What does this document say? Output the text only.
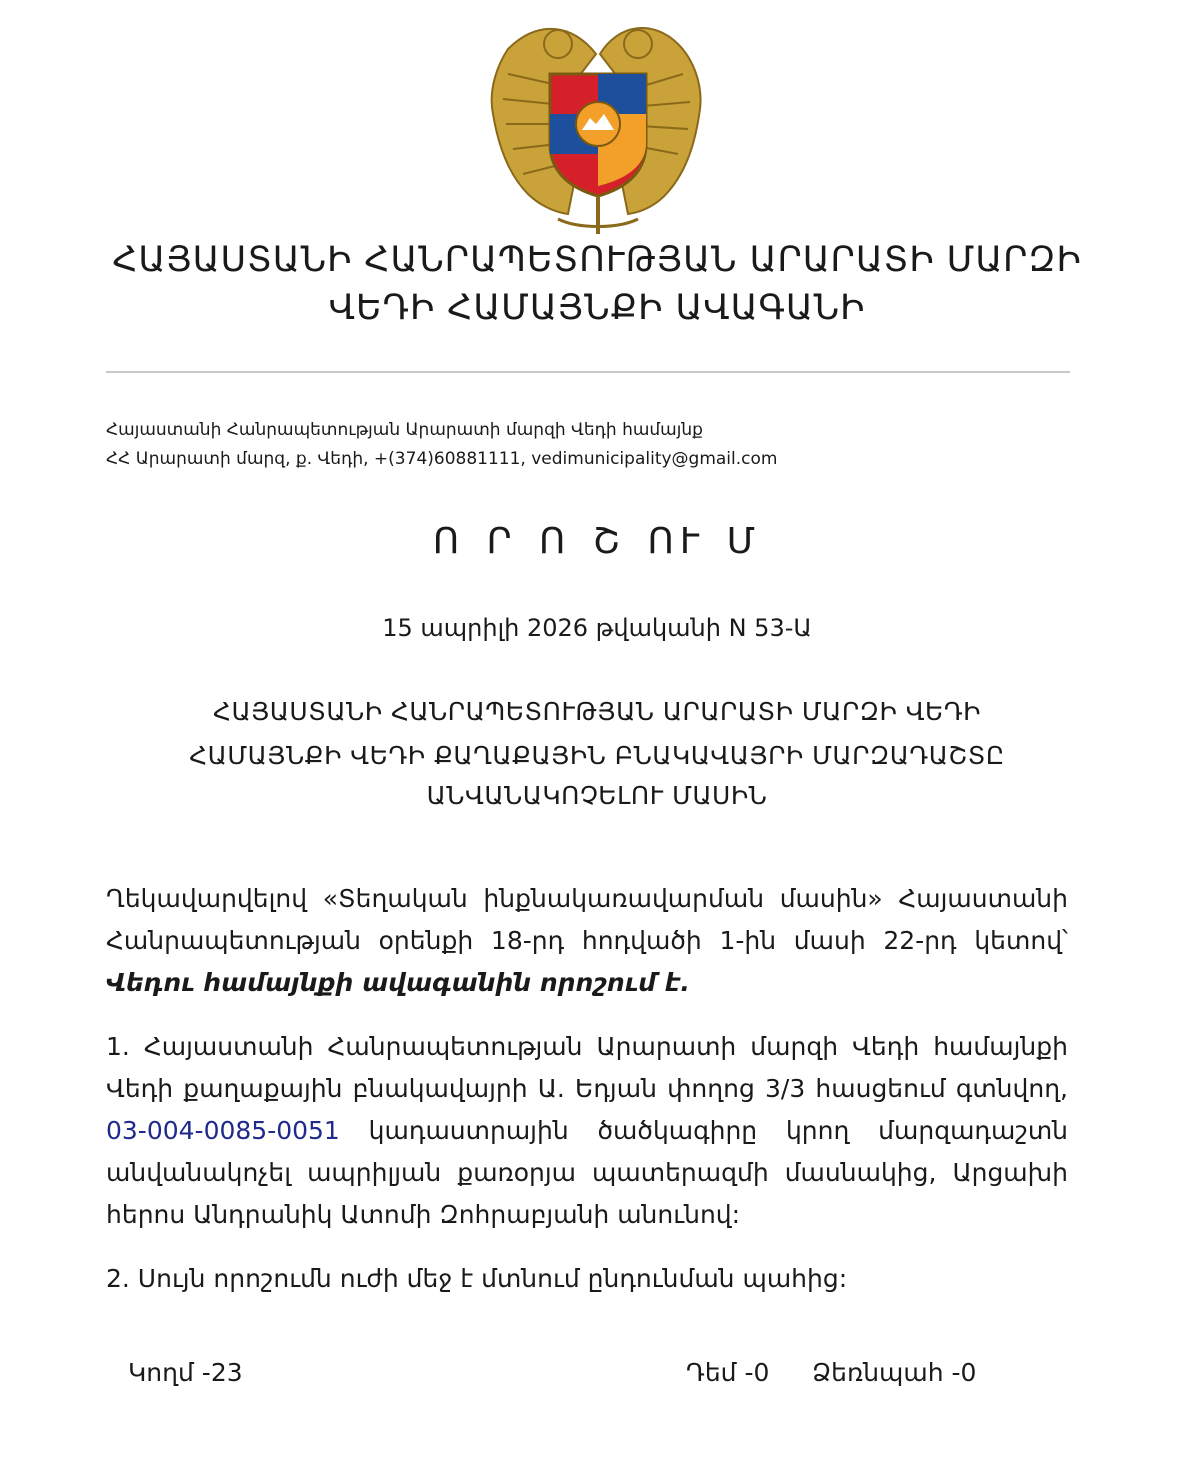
ՀԱՅԱՍՏԱՆԻ ՀԱՆՐԱՊԵՏՈՒԹՅԱՆ ԱՐԱՐԱՏԻ ՄԱՐԶԻ
ՎԵԴԻ ՀԱՄԱՅՆՔԻ ԱՎԱԳԱՆԻ
Հայաստանի Հանրապետության Արարատի մարզի Վեդի համայնք
ՀՀ Արարատի մարզ, ք. Վեդի, +(374)60881111, vedimunicipality@gmail.com
Ո Ր Ո Շ ՈՒ Մ
15 ապրիլի 2026 թվականի N 53-Ա
ՀԱՅԱՍՏԱՆԻ ՀԱՆՐԱՊԵՏՈՒԹՅԱՆ ԱՐԱՐԱՏԻ ՄԱՐԶԻ ՎԵԴԻ
ՀԱՄԱՅՆՔԻ ՎԵԴԻ ՔԱՂԱՔԱՅԻՆ ԲՆԱԿԱՎԱՅՐԻ ՄԱՐԶԱԴԱՇՏԸ
ԱՆՎԱՆԱԿՈՉԵԼՈՒ ՄԱՍԻՆ
Ղեկավարվելով «Տեղական ինքնակառավարման մասին» Հայաստանի Հանրապետության օրենքի 18-րդ հոդվածի 1-ին մասի 22-րդ կետով՝ Վեդու համայնքի ավագանին որոշում է.
1. Հայաստանի Հանրապետության Արարատի մարզի Վեդի համայնքի Վեդի քաղաքային բնակավայրի Ա. Եդյան փողոց 3/3 հասցեում գտնվող,
03-004-0085-0051 կադաստրային ծածկագիրը կրող մարզադաշտն անվանակոչել ապրիլյան քառօրյա պատերազմի մասնակից, Արցախի հերոս Անդրանիկ Ատոմի Զոհրաբյանի անունով:
2. Սույն որոշումն ուժի մեջ է մտնում ընդունման պահից:
Կողմ -23	Դեմ -0 Ձեռնպահ -0
